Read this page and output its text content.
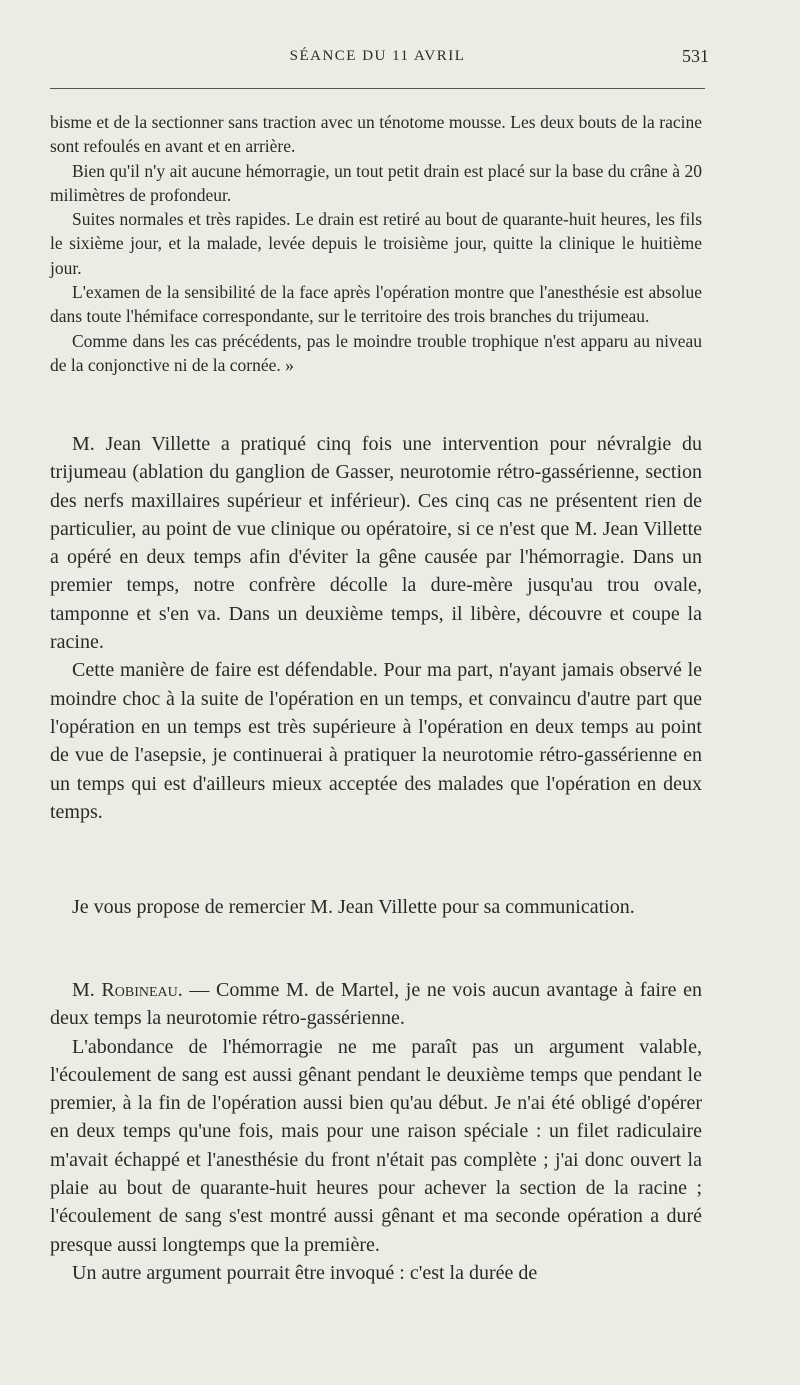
SÉANCE DU 11 AVRIL	531

bisme et de la sectionner sans traction avec un ténotome mousse. Les deux bouts de la racine sont refoulés en avant et en arrière.

Bien qu'il n'y ait aucune hémorragie, un tout petit drain est placé sur la base du crâne à 20 milimètres de profondeur.

Suites normales et très rapides. Le drain est retiré au bout de quarante-huit heures, les fils le sixième jour, et la malade, levée depuis le troisième jour, quitte la clinique le huitième jour.

L'examen de la sensibilité de la face après l'opération montre que l'anesthésie est absolue dans toute l'hémiface correspondante, sur le territoire des trois branches du trijumeau.

Comme dans les cas précédents, pas le moindre trouble trophique n'est apparu au niveau de la conjonctive ni de la cornée. »

M. Jean Villette a pratiqué cinq fois une intervention pour névralgie du trijumeau (ablation du ganglion de Gasser, neurotomie rétro-gassérienne, section des nerfs maxillaires supérieur et inférieur). Ces cinq cas ne présentent rien de particulier, au point de vue clinique ou opératoire, si ce n'est que M. Jean Villette a opéré en deux temps afin d'éviter la gêne causée par l'hémorragie. Dans un premier temps, notre confrère décolle la dure-mère jusqu'au trou ovale, tamponne et s'en va. Dans un deuxième temps, il libère, découvre et coupe la racine.

Cette manière de faire est défendable. Pour ma part, n'ayant jamais observé le moindre choc à la suite de l'opération en un temps, et convaincu d'autre part que l'opération en un temps est très supérieure à l'opération en deux temps au point de vue de l'asepsie, je continuerai à pratiquer la neurotomie rétro-gassérienne en un temps qui est d'ailleurs mieux acceptée des malades que l'opération en deux temps.

Je vous propose de remercier M. Jean Villette pour sa communication.

M. Robineau. — Comme M. de Martel, je ne vois aucun avantage à faire en deux temps la neurotomie rétro-gassérienne.

L'abondance de l'hémorragie ne me paraît pas un argument valable, l'écoulement de sang est aussi gênant pendant le deuxième temps que pendant le premier, à la fin de l'opération aussi bien qu'au début. Je n'ai été obligé d'opérer en deux temps qu'une fois, mais pour une raison spéciale : un filet radiculaire m'avait échappé et l'anesthésie du front n'était pas complète ; j'ai donc ouvert la plaie au bout de quarante-huit heures pour achever la section de la racine ; l'écoulement de sang s'est montré aussi gênant et ma seconde opération a duré presque aussi longtemps que la première.

Un autre argument pourrait être invoqué : c'est la durée de
